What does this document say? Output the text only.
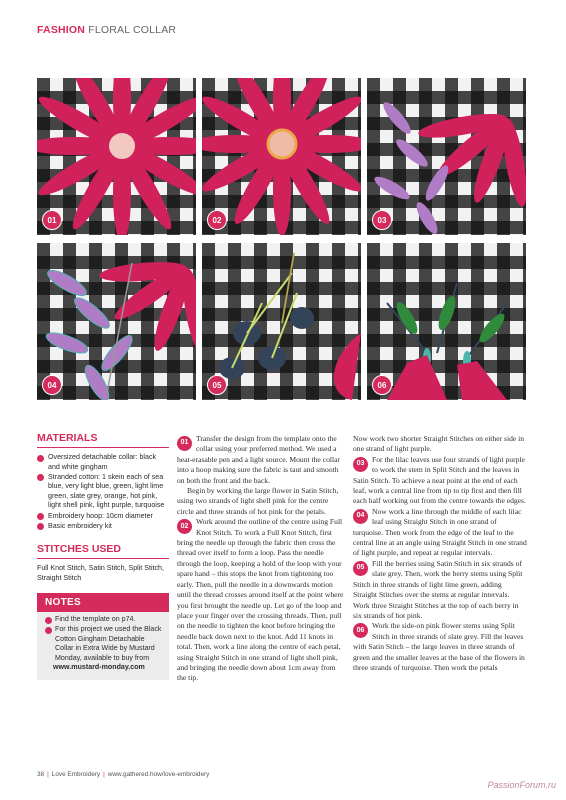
FASHION FLORAL COLLAR
01	02	03
04	05	06
MATERIALS
Oversized detachable collar: black and white gingham
Stranded cotton: 1 skein each of sea blue, very light blue, green, light lime green, slate grey, orange, hot pink, light shell pink, light purple, turquoise
Embroidery hoop: 10cm diameter
Basic embroidery kit
STITCHES USED
Full Knot Stitch, Satin Stitch, Split Stitch, Straight Stitch
NOTES
Find the template on p74.
For this project we used the Black Cotton Gingham Detachable Collar in Extra Wide by Mustard Monday, available to buy from
www.mustard-monday.com
01	Transfer the design from the template onto the collar using your preferred method. We used a heat-erasable pen and a light source. Mount the collar into a hoop making sure the fabric is taut and smooth on both the front and the back.

Begin by working the large flower in Satin Stitch, using two strands of light shell pink for the centre circle and three strands of hot pink for the petals.

02	Work around the outline of the centre using Full Knot Stitch. To work a Full Knot Stitch, first bring the needle up through the fabric then cross the thread over itself to form a loop. Pass the needle through the loop, keeping a hold of the loop with your spare hand – this stops the knot from tightening too early. Then, pull the needle in a downwards motion until the thread crosses around itself at the point where you first brought the needle up. Let go of the loop and place your finger over the crossing threads. Then, pull on the needle to tighten the knot before bringing the needle back down next to the knot. Add 11 knots in total. Then, work a line along the centre of each petal, using Straight Stitch in one strand of light shell pink, and bringing the needle down about 1cm away from the tip.

Now work two shorter Straight Stitches on either side in one strand of light purple.

03	For the lilac leaves use four strands of light purple to work the stem in Split Stitch and the leaves in Satin Stitch. To achieve a neat point at the end of each leaf, work a central line from tip to tip first and then fill each half working out from the centre towards the edges.

04	Now work a line through the middle of each lilac leaf using Straight Stitch in one strand of turquoise. Then work from the edge of the leaf to the central line at an angle using Straight Stitch in one strand of light purple, and repeat at regular intervals.

05	Fill the berries using Satin Stitch in six strands of slate grey. Then, work the berry stems using Split Stitch in three strands of light lime green, adding Straight Stitches over the stems at regular intervals. Work three Straight Stitches at the top of each berry in six strands of hot pink.

06	Work the side-on pink flower stems using Split Stitch in three strands of slate grey. Fill the leaves with Satin Stitch – the large leaves in three strands of green and the smaller leaves at the base of the flowers in three strands of turquoise. Then work the petals

38 | Love Embroidery | www.gathered.how/love-embroidery
PassionForum.ru
